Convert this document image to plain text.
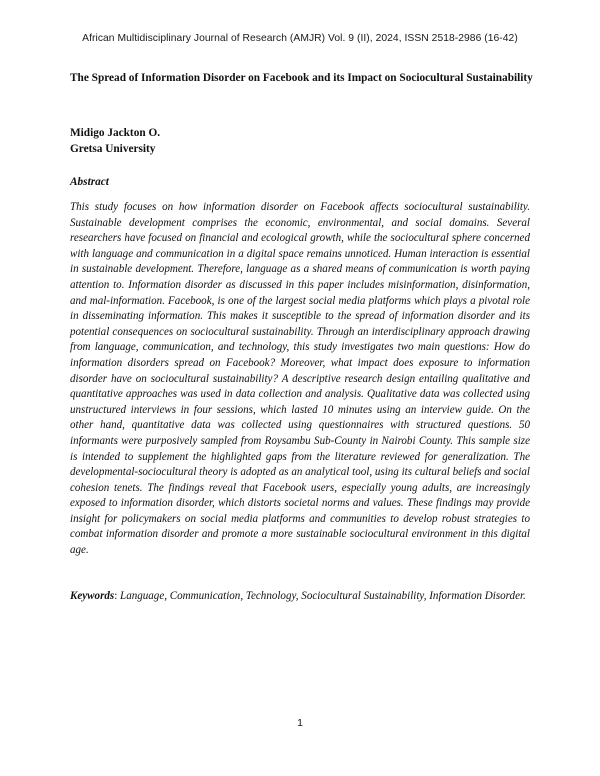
African Multidisciplinary Journal of Research (AMJR) Vol. 9 (II), 2024, ISSN 2518-2986 (16-42)
The Spread of Information Disorder on Facebook and its Impact on Sociocultural Sustainability
Midigo Jackton O.
Gretsa University
Abstract

This study focuses on how information disorder on Facebook affects sociocultural sustainability. Sustainable development comprises the economic, environmental, and social domains. Several researchers have focused on financial and ecological growth, while the sociocultural sphere concerned with language and communication in a digital space remains unnoticed. Human interaction is essential in sustainable development. Therefore, language as a shared means of communication is worth paying attention to. Information disorder as discussed in this paper includes misinformation, disinformation, and mal-information. Facebook, is one of the largest social media platforms which plays a pivotal role in disseminating information. This makes it susceptible to the spread of information disorder and its potential consequences on sociocultural sustainability. Through an interdisciplinary approach drawing from language, communication, and technology, this study investigates two main questions: How do information disorders spread on Facebook? Moreover, what impact does exposure to information disorder have on sociocultural sustainability? A descriptive research design entailing qualitative and quantitative approaches was used in data collection and analysis. Qualitative data was collected using unstructured interviews in four sessions, which lasted 10 minutes using an interview guide. On the other hand, quantitative data was collected using questionnaires with structured questions. 50 informants were purposively sampled from Roysambu Sub-County in Nairobi County. This sample size is intended to supplement the highlighted gaps from the literature reviewed for generalization. The developmental-sociocultural theory is adopted as an analytical tool, using its cultural beliefs and social cohesion tenets. The findings reveal that Facebook users, especially young adults, are increasingly exposed to information disorder, which distorts societal norms and values. These findings may provide insight for policymakers on social media platforms and communities to develop robust strategies to combat information disorder and promote a more sustainable sociocultural environment in this digital age.

Keywords: Language, Communication, Technology, Sociocultural Sustainability, Information Disorder.

1
